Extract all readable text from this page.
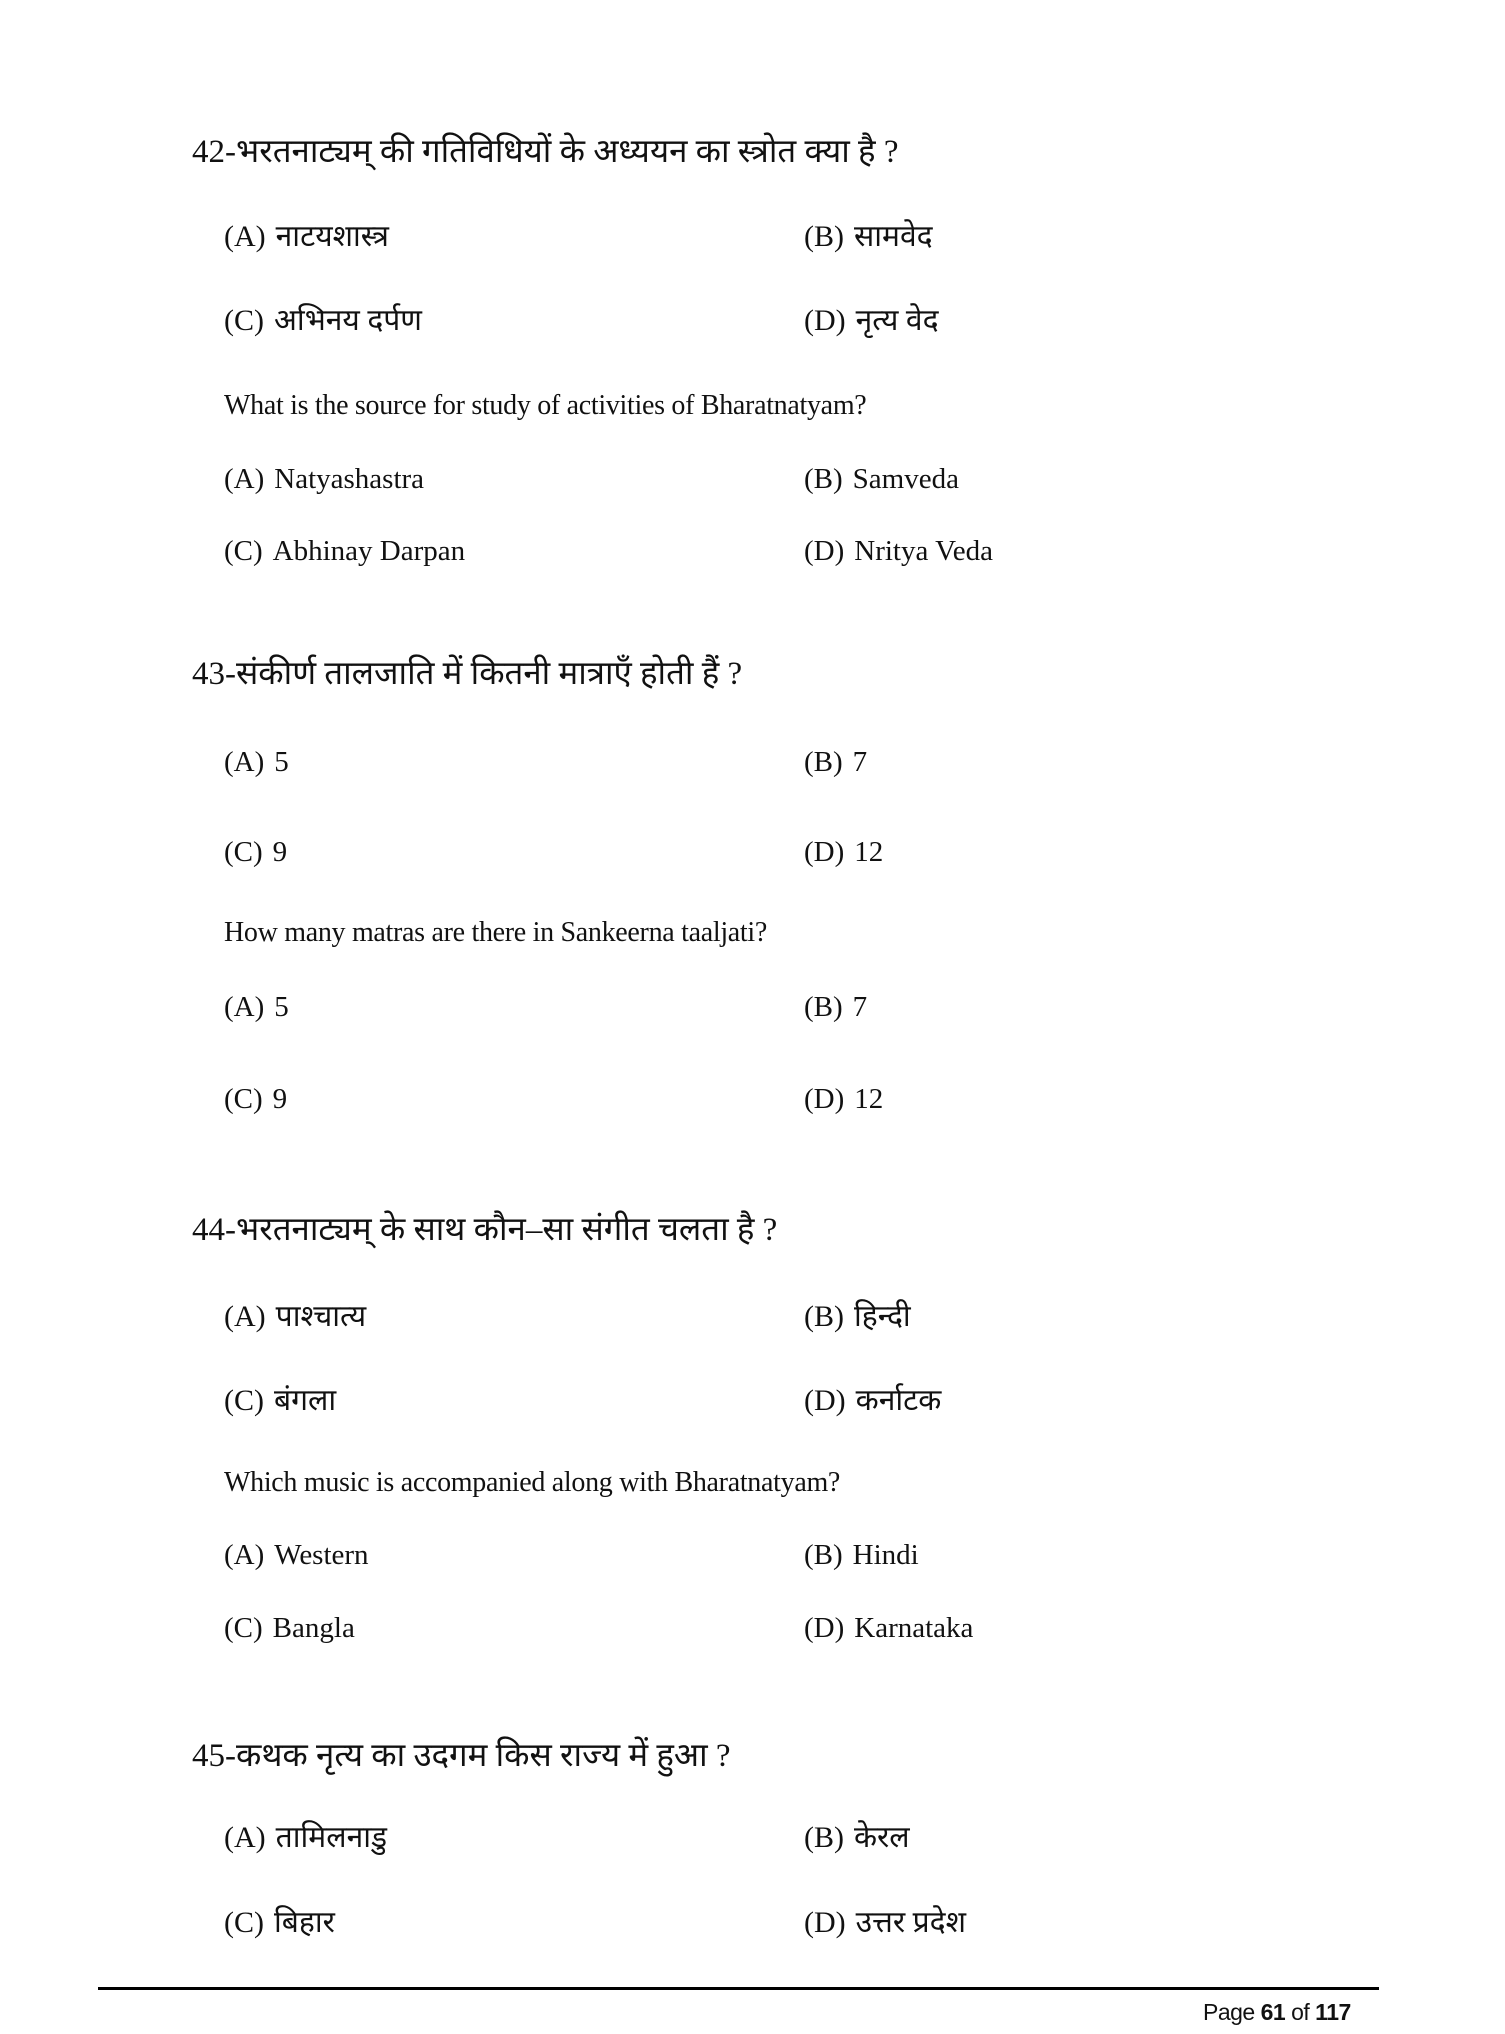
42-भरतनाट्यम् की गतिविधियों के अध्ययन का स्त्रोत क्या है ?
(A) नाटयशास्त्र	(B) सामवेद
(C) अभिनय दर्पण	(D) नृत्य वेद
What is the source for study of activities of Bharatnatyam?
(A) Natyashastra	(B) Samveda
(C) Abhinay Darpan	(D) Nritya Veda
43-संकीर्ण तालजाति में कितनी मात्राएँ होती हैं ?
(A) 5	(B) 7
(C) 9	(D) 12
How many matras are there in Sankeerna taaljati?
(A) 5	(B) 7
(C) 9	(D) 12
44-भरतनाट्यम् के साथ कौन–सा संगीत चलता है ?
(A) पाश्चात्य	(B) हिन्दी
(C) बंगला	(D) कर्नाटक
Which music is accompanied along with Bharatnatyam?
(A) Western	(B) Hindi
(C) Bangla	(D) Karnataka
45-कथक नृत्य का उदगम किस राज्य में हुआ ?
(A) तामिलनाडु	(B) केरल
(C) बिहार	(D) उत्तर प्रदेश
Page 61 of 117
